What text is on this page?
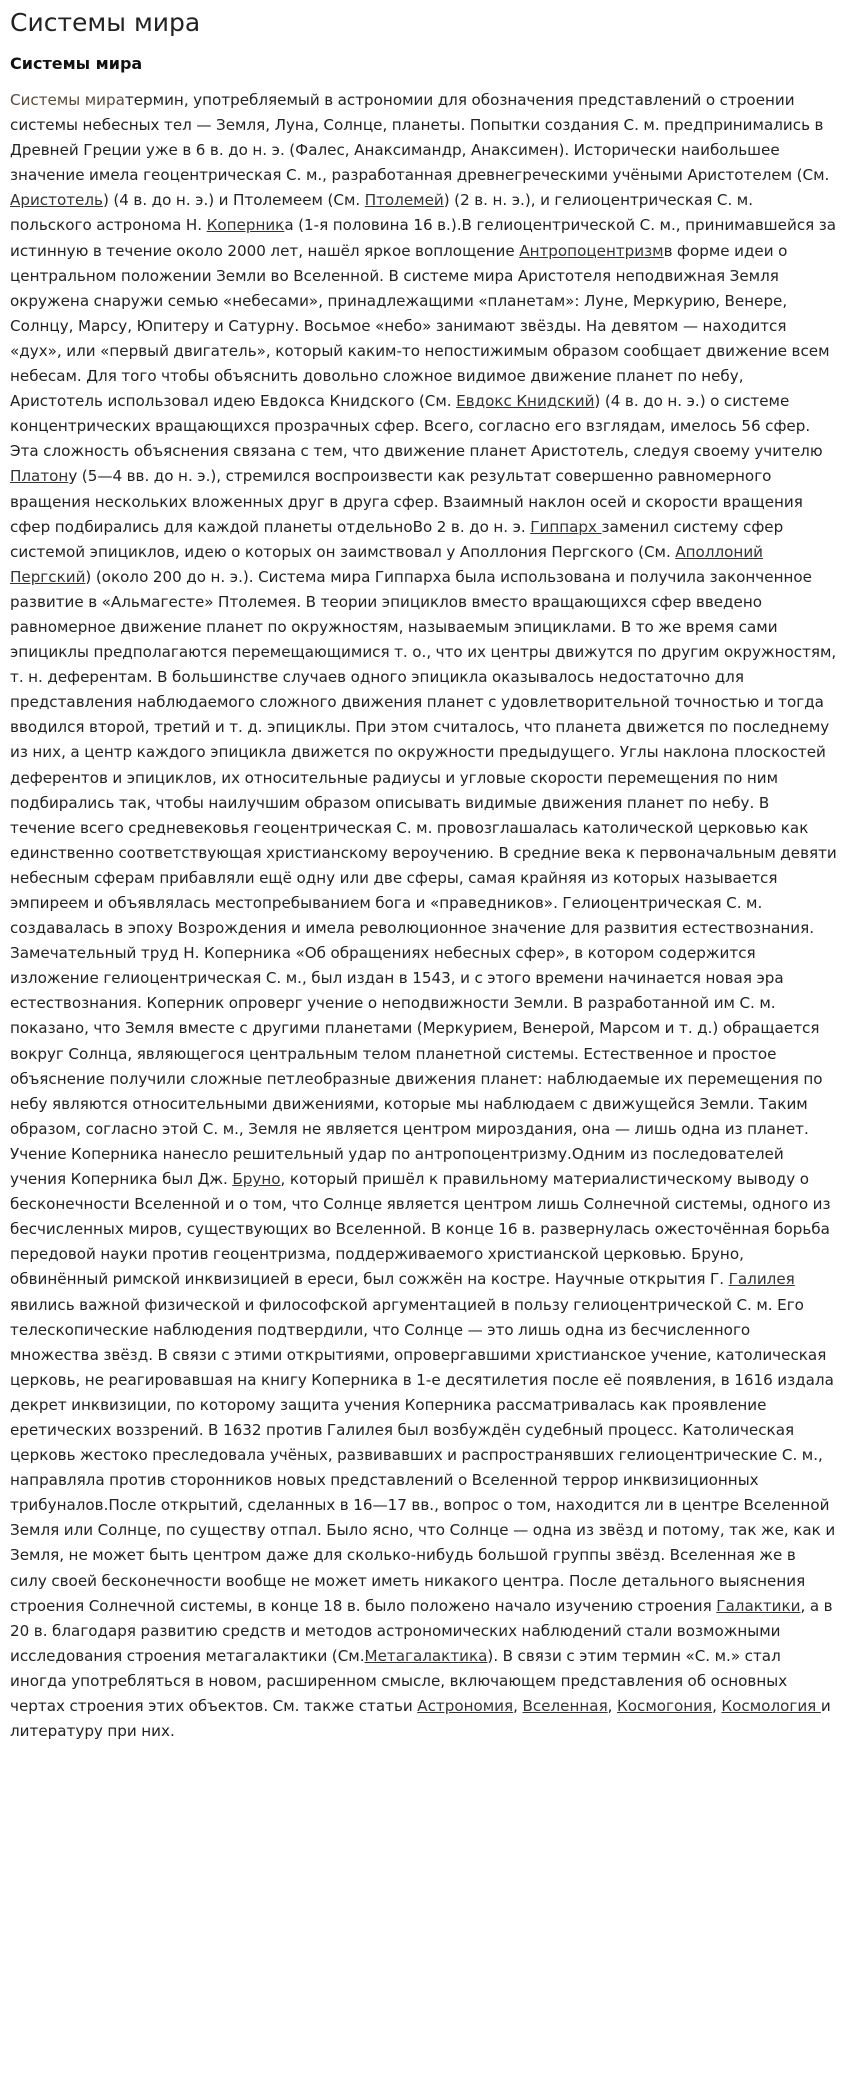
Системы мира
Системы мира

Системы миратермин, употребляемый в астрономии для обозначения представлений о строении системы небесных тел — Земля, Луна, Солнце, планеты. Попытки создания С. м. предпринимались в Древней Греции уже в 6 в. до н. э. (Фалес, Анаксимандр, Анаксимен). Исторически наибольшее значение имела геоцентрическая С. м., разработанная древнегреческими учёными Аристотелем (См. Аристотель) (4 в. до н. э.) и Птолемеем (См. Птолемей) (2 в. н. э.), и гелиоцентрическая С. м. польского астронома Н. Коперника (1-я половина 16 в.).В гелиоцентрической С. м., принимавшейся за истинную в течение около 2000 лет, нашёл яркое воплощение Антропоцентризмв форме идеи о центральном положении Земли во Вселенной. В системе мира Аристотеля неподвижная Земля окружена снаружи семью «небесами», принадлежащими «планетам»: Луне, Меркурию, Венере, Солнцу, Марсу, Юпитеру и Сатурну. Восьмое «небо» занимают звёзды. На девятом — находится «дух», или «первый двигатель», который каким-то непостижимым образом сообщает движение всем небесам. Для того чтобы объяснить довольно сложное видимое движение планет по небу, Аристотель использовал идею Евдокса Книдского (См. Евдокс Книдский) (4 в. до н. э.) о системе концентрических вращающихся прозрачных сфер. Всего, согласно его взглядам, имелось 56 сфер. Эта сложность объяснения связана с тем, что движение планет Аристотель, следуя своему учителю Платону (5—4 вв. до н. э.), стремился воспроизвести как результат совершенно равномерного вращения нескольких вложенных друг в друга сфер. Взаимный наклон осей и скорости вращения сфер подбирались для каждой планеты отдельноВо 2 в. до н. э. Гиппарх заменил систему сфер системой эпициклов, идею о которых он заимствовал у Аполлония Пергского (См. Аполлоний Пергский) (около 200 до н. э.). Система мира Гиппарха была использована и получила законченное развитие в «Альмагесте» Птолемея. В теории эпициклов вместо вращающихся сфер введено равномерное движение планет по окружностям, называемым эпициклами. В то же время сами эпициклы предполагаются перемещающимися т. о., что их центры движутся по другим окружностям, т. н. деферентам. В большинстве случаев одного эпицикла оказывалось недостаточно для представления наблюдаемого сложного движения планет с удовлетворительной точностью и тогда вводился второй, третий и т. д. эпициклы. При этом считалось, что планета движется по последнему из них, а центр каждого эпицикла движется по окружности предыдущего. Углы наклона плоскостей деферентов и эпициклов, их относительные радиусы и угловые скорости перемещения по ним подбирались так, чтобы наилучшим образом описывать видимые движения планет по небу. В течение всего средневековья геоцентрическая С. м. провозглашалась католической церковью как единственно соответствующая христианскому вероучению. В средние века к первоначальным девяти небесным сферам прибавляли ещё одну или две сферы, самая крайняя из которых называется эмпиреем и объявлялась местопребыванием бога и «праведников». Гелиоцентрическая С. м. создавалась в эпоху Возрождения и имела революционное значение для развития естествознания. Замечательный труд Н. Коперника «Об обращениях небесных сфер», в котором содержится изложение гелиоцентрическая С. м., был издан в 1543, и с этого времени начинается новая эра естествознания. Коперник опроверг учение о неподвижности Земли. В разработанной им С. м. показано, что Земля вместе с другими планетами (Меркурием, Венерой, Марсом и т. д.) обращается вокруг Солнца, являющегося центральным телом планетной системы. Естественное и простое объяснение получили сложные петлеобразные движения планет: наблюдаемые их перемещения по небу являются относительными движениями, которые мы наблюдаем с движущейся Земли. Таким образом, согласно этой С. м., Земля не является центром мироздания, она — лишь одна из планет. Учение Коперника нанесло решительный удар по антропоцентризму.Одним из последователей учения Коперника был Дж. Бруно, который пришёл к правильному материалистическому выводу о бесконечности Вселенной и о том, что Солнце является центром лишь Солнечной системы, одного из бесчисленных миров, существующих во Вселенной. В конце 16 в. развернулась ожесточённая борьба передовой науки против геоцентризма, поддерживаемого христианской церковью. Бруно, обвинённый римской инквизицией в ереси, был сожжён на костре. Научные открытия Г. Галилея явились важной физической и философской аргументацией в пользу гелиоцентрической С. м. Его телескопические наблюдения подтвердили, что Солнце — это лишь одна из бесчисленного множества звёзд. В связи с этими открытиями, опровергавшими христианское учение, католическая церковь, не реагировавшая на книгу Коперника в 1-е десятилетия после её появления, в 1616 издала декрет инквизиции, по которому защита учения Коперника рассматривалась как проявление еретических воззрений. В 1632 против Галилея был возбуждён судебный процесс. Католическая церковь жестоко преследовала учёных, развивавших и распространявших гелиоцентрические С. м., направляла против сторонников новых представлений о Вселенной террор инквизиционных трибуналов.После открытий, сделанных в 16—17 вв., вопрос о том, находится ли в центре Вселенной Земля или Солнце, по существу отпал. Было ясно, что Солнце — одна из звёзд и потому, так же, как и Земля, не может быть центром даже для сколько-нибудь большой группы звёзд. Вселенная же в силу своей бесконечности вообще не может иметь никакого центра. После детального выяснения строения Солнечной системы, в конце 18 в. было положено начало изучению строения Галактики, а в 20 в. благодаря развитию средств и методов астрономических наблюдений стали возможными исследования строения метагалактики (См.Метагалактика). В связи с этим термин «С. м.» стал иногда употребляться в новом, расширенном смысле, включающем представления об основных чертах строения этих объектов. См. также статьи Астрономия, Вселенная, Космогония, Космология и литературу при них.
